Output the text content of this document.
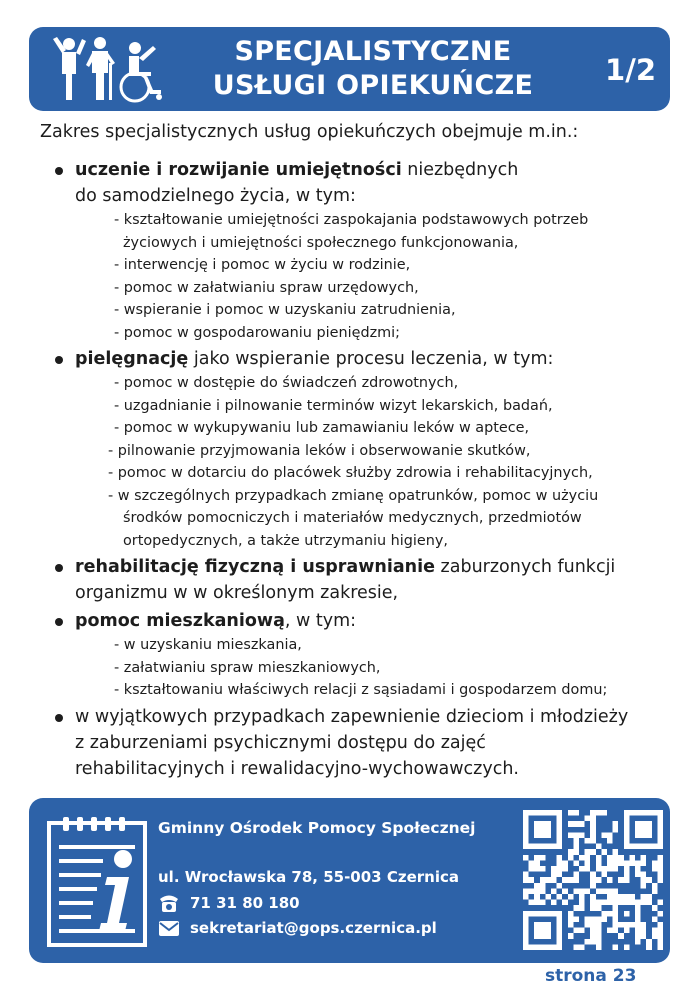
SPECJALISTYCZNE
USŁUGI OPIEKUŃCZE	1/2
Zakres specjalistycznych usług opiekuńczych obejmuje m.in.:
uczenie i rozwijanie umiejętności niezbędnych
do samodzielnego życia, w tym:
- kształtowanie umiejętności zaspokajania podstawowych potrzeb
życiowych i umiejętności społecznego funkcjonowania,
- interwencję i pomoc w życiu w rodzinie,
- pomoc w załatwianiu spraw urzędowych,
- wspieranie i pomoc w uzyskaniu zatrudnienia,
- pomoc w gospodarowaniu pieniędzmi;
pielęgnację jako wspieranie procesu leczenia, w tym:
- pomoc w dostępie do świadczeń zdrowotnych,
- uzgadnianie i pilnowanie terminów wizyt lekarskich, badań,
- pomoc w wykupywaniu lub zamawianiu leków w aptece,
- pilnowanie przyjmowania leków i obserwowanie skutków,
- pomoc w dotarciu do placówek służby zdrowia i rehabilitacyjnych,
- w szczególnych przypadkach zmianę opatrunków, pomoc w użyciu
środków pomocniczych i materiałów medycznych, przedmiotów
ortopedycznych, a także utrzymaniu higieny,
rehabilitację fizyczną i usprawnianie zaburzonych funkcji
organizmu w w określonym zakresie,
pomoc mieszkaniową, w tym:
- w uzyskaniu mieszkania,
- załatwianiu spraw mieszkaniowych,
- kształtowaniu właściwych relacji z sąsiadami i gospodarzem domu;
w wyjątkowych przypadkach zapewnienie dzieciom i młodzieży
z zaburzeniami psychicznymi dostępu do zajęć
rehabilitacyjnych i rewalidacyjno-wychowawczych.
Gminny Ośrodek Pomocy Społecznej
ul. Wrocławska 78, 55-003 Czernica
71 31 80 180
sekretariat@gops.czernica.pl
strona 23
